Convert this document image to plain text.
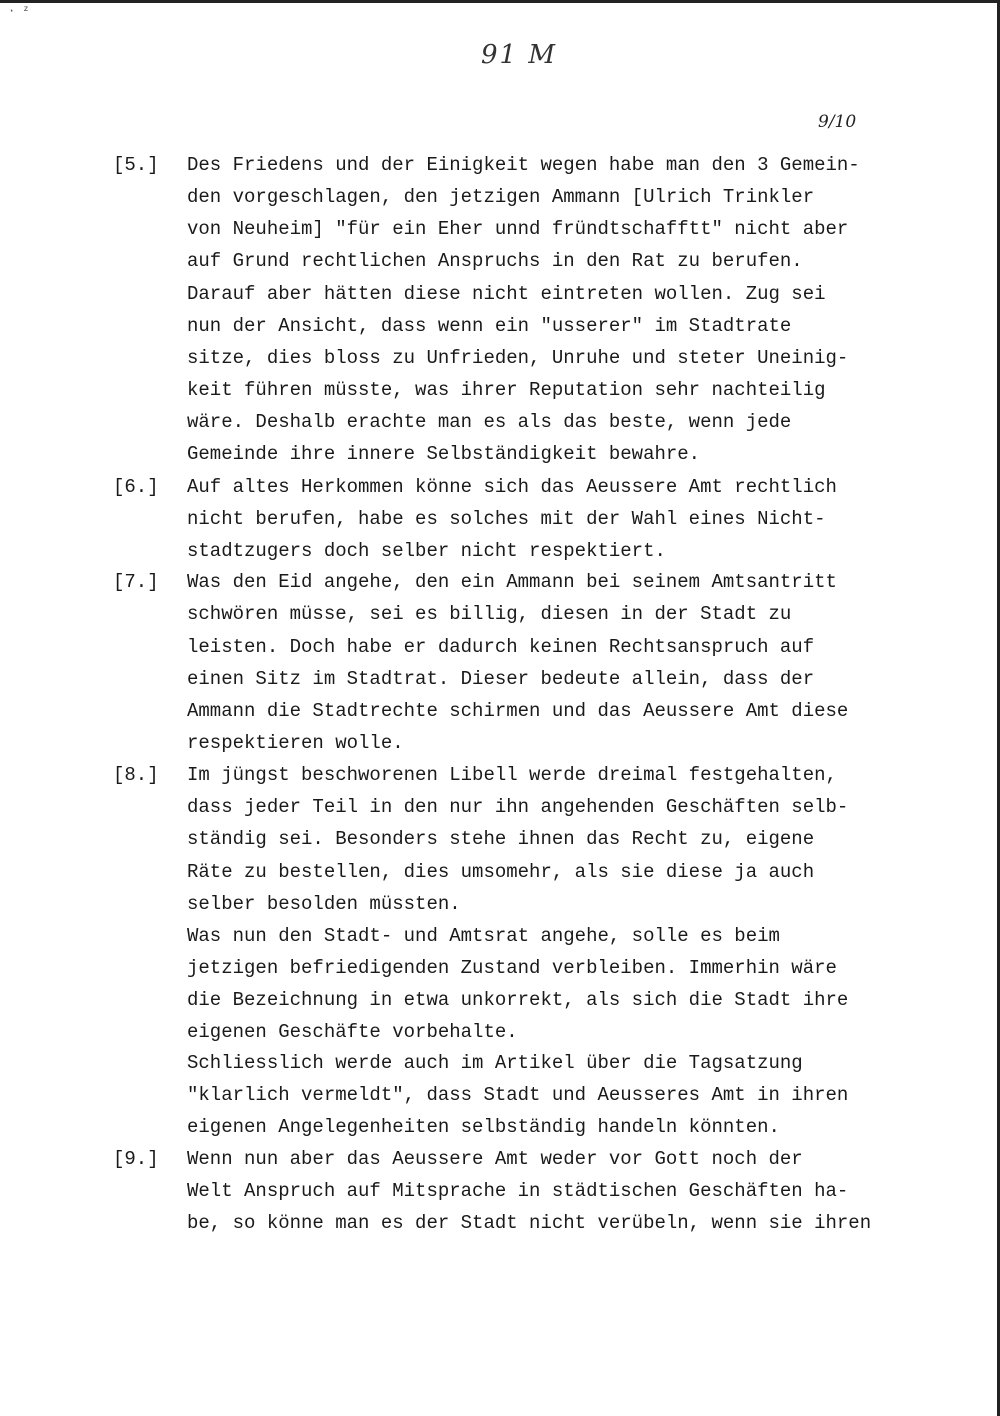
· ᶻ
91 M
9/10
[5.] Des Friedens und der Einigkeit wegen habe man den 3 Gemein-
den vorgeschlagen, den jetzigen Ammann [Ulrich Trinkler
von Neuheim] "für ein Eher unnd fründtschafftt" nicht aber
auf Grund rechtlichen Anspruchs in den Rat zu berufen.
Darauf aber hätten diese nicht eintreten wollen. Zug sei
nun der Ansicht, dass wenn ein "usserer" im Stadtrate
sitze, dies bloss zu Unfrieden, Unruhe und steter Uneinig-
keit führen müsste, was ihrer Reputation sehr nachteilig
wäre. Deshalb erachte man es als das beste, wenn jede
Gemeinde ihre innere Selbständigkeit bewahre.
[6.] Auf altes Herkommen könne sich das Aeussere Amt rechtlich
nicht berufen, habe es solches mit der Wahl eines Nicht-
stadtzugers doch selber nicht respektiert.
[7.] Was den Eid angehe, den ein Ammann bei seinem Amtsantritt
schwören müsse, sei es billig, diesen in der Stadt zu
leisten. Doch habe er dadurch keinen Rechtsanspruch auf
einen Sitz im Stadtrat. Dieser bedeute allein, dass der
Ammann die Stadtrechte schirmen und das Aeussere Amt diese
respektieren wolle.
[8.] Im jüngst beschworenen Libell werde dreimal festgehalten,
dass jeder Teil in den nur ihn angehenden Geschäften selb-
ständig sei. Besonders stehe ihnen das Recht zu, eigene
Räte zu bestellen, dies umsomehr, als sie diese ja auch
selber besolden müssten.
Was nun den Stadt- und Amtsrat angehe, solle es beim
jetzigen befriedigenden Zustand verbleiben. Immerhin wäre
die Bezeichnung in etwa unkorrekt, als sich die Stadt ihre
eigenen Geschäfte vorbehalte.
Schliesslich werde auch im Artikel über die Tagsatzung
"klarlich vermeldt", dass Stadt und Aeusseres Amt in ihren
eigenen Angelegenheiten selbständig handeln könnten.
[9.] Wenn nun aber das Aeussere Amt weder vor Gott noch der
Welt Anspruch auf Mitsprache in städtischen Geschäften ha-
be, so könne man es der Stadt nicht verübeln, wenn sie ihren
